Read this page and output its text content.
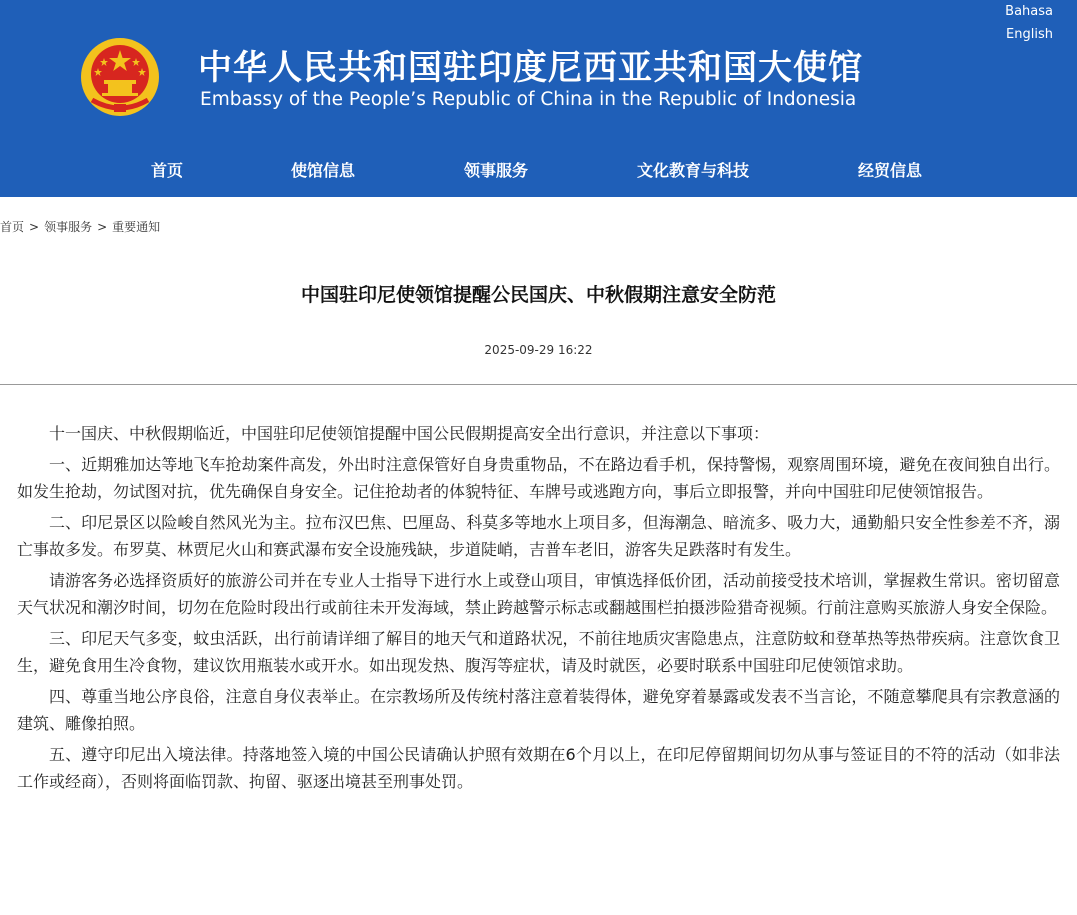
中华人民共和国驻印度尼西亚共和国大使馆
Embassy of the People’s Republic of China in the Republic of Indonesia
Bahasa
English
首页	使馆信息	领事服务	文化教育与科技	经贸信息
首页 > 领事服务 > 重要通知
中国驻印尼使领馆提醒公民国庆、中秋假期注意安全防范
2025-09-29 16:22

十一国庆、中秋假期临近，中国驻印尼使领馆提醒中国公民假期提高安全出行意识，并注意以下事项：

一、近期雅加达等地飞车抢劫案件高发，外出时注意保管好自身贵重物品，不在路边看手机，保持警惕，观察周围环境，避免在夜间独自出行。如发生抢劫，勿试图对抗，优先确保自身安全。记住抢劫者的体貌特征、车牌号或逃跑方向，事后立即报警，并向中国驻印尼使领馆报告。

二、印尼景区以险峻自然风光为主。拉布汉巴焦、巴厘岛、科莫多等地水上项目多，但海潮急、暗流多、吸力大，通勤船只安全性参差不齐，溺亡事故多发。布罗莫、林贾尼火山和赛武瀑布安全设施残缺，步道陡峭，吉普车老旧，游客失足跌落时有发生。

请游客务必选择资质好的旅游公司并在专业人士指导下进行水上或登山项目，审慎选择低价团，活动前接受技术培训，掌握救生常识。密切留意天气状况和潮汐时间，切勿在危险时段出行或前往未开发海域，禁止跨越警示标志或翻越围栏拍摄涉险猎奇视频。行前注意购买旅游人身安全保险。

三、印尼天气多变，蚊虫活跃，出行前请详细了解目的地天气和道路状况，不前往地质灾害隐患点，注意防蚊和登革热等热带疾病。注意饮食卫生，避免食用生冷食物，建议饮用瓶装水或开水。如出现发热、腹泻等症状，请及时就医，必要时联系中国驻印尼使领馆求助。

四、尊重当地公序良俗，注意自身仪表举止。在宗教场所及传统村落注意着装得体，避免穿着暴露或发表不当言论，不随意攀爬具有宗教意涵的建筑、雕像拍照。

五、遵守印尼出入境法律。持落地签入境的中国公民请确认护照有效期在6个月以上，在印尼停留期间切勿从事与签证目的不符的活动（如非法工作或经商），否则将面临罚款、拘留、驱逐出境甚至刑事处罚。
